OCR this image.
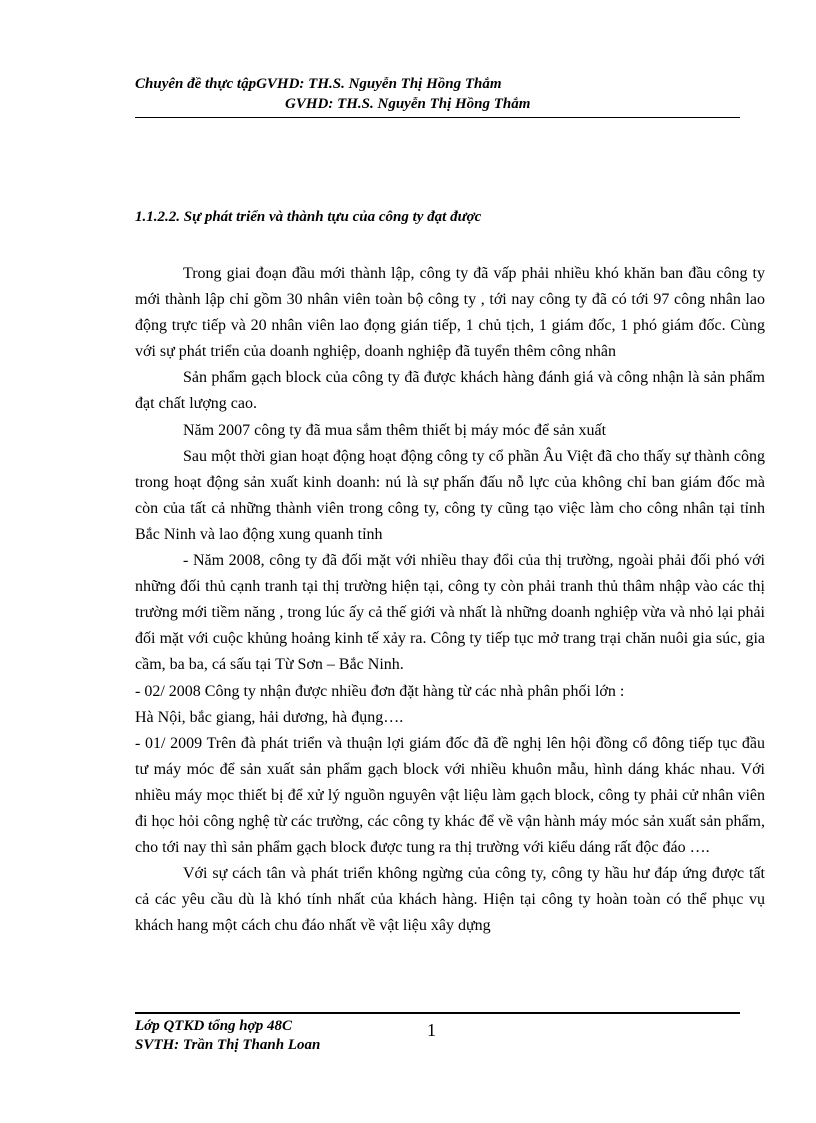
Chuyên đề thực tậpGVHD: TH.S. Nguyễn Thị Hồng Thắm
GVHD: TH.S. Nguyễn Thị Hồng Thắm
1.1.2.2. Sự phát triển và thành tựu của công ty đạt được

Trong giai đoạn đầu mới thành lập, công ty đã vấp phải nhiều khó khăn ban đầu công ty mới thành lập chỉ gồm 30 nhân viên toàn bộ công ty , tới nay công ty đã có tới 97 công nhân lao động trực tiếp và 20 nhân viên lao đọng gián tiếp, 1 chủ tịch, 1 giám đốc, 1 phó giám đốc. Cùng với sự phát triển của doanh nghiệp, doanh nghiệp đã tuyển thêm công nhân

Sản phẩm gạch block của công ty đã được khách hàng đánh giá và công nhận là sản phẩm đạt chất lượng cao.

Năm 2007 công ty đã mua sắm thêm thiết bị máy móc để sản xuất

Sau một thời gian hoạt động hoạt động công ty cổ phần Âu Việt đã cho thấy sự thành công trong hoạt động sản xuất kinh doanh: nú là sự phấn đấu nỗ lực của không chỉ ban giám đốc mà còn của tất cả những thành viên trong công ty, công ty cũng tạo việc làm cho công nhân tại tỉnh Bắc Ninh và lao động xung quanh tỉnh

- Năm 2008, công ty đã đối mặt với nhiều thay đổi của thị trường, ngoài phải đối phó với những đối thủ cạnh tranh tại thị trường hiện tại, công ty còn phải tranh thủ thâm nhập vào các thị trường mới tiềm năng , trong lúc ấy cả thế giới và nhất là những doanh nghiệp vừa và nhỏ lại phải đối mặt với cuộc khủng hoảng kinh tế xảy ra. Công ty tiếp tục mở trang trại chăn nuôi gia súc, gia cầm, ba ba, cá sấu tại Từ Sơn – Bắc Ninh.

- 02/ 2008 Công ty nhận được nhiều đơn đặt hàng từ các nhà phân phối lớn :

Hà Nội, bắc giang, hải dương, hà đụng….

- 01/ 2009 Trên đà phát triển và thuận lợi giám đốc đã đề nghị lên hội đồng cổ đông tiếp tục đầu tư máy móc để sản xuất sản phẩm gạch block với nhiều khuôn mẫu, hình dáng khác nhau. Với nhiều máy mọc thiết bị để xử lý nguồn nguyên vật liệu làm gạch block, công ty phải cử nhân viên đi học hỏi công nghệ từ các trường, các công ty khác để về vận hành máy móc sản xuất sản phẩm, cho tới nay thì sản phẩm gạch block được tung ra thị trường với kiểu dáng rất độc đáo ….

Với sự cách tân và phát triển không ngừng của công ty, công ty hầu hư đáp ứng được tất cả các yêu cầu dù là khó tính nhất của khách hàng. Hiện tại công ty hoàn toàn có thể phục vụ khách hang một cách chu đáo nhất về vật liệu xây dựng

Lớp QTKD tổng hợp 48C
SVTH: Trần Thị Thanh Loan
1
